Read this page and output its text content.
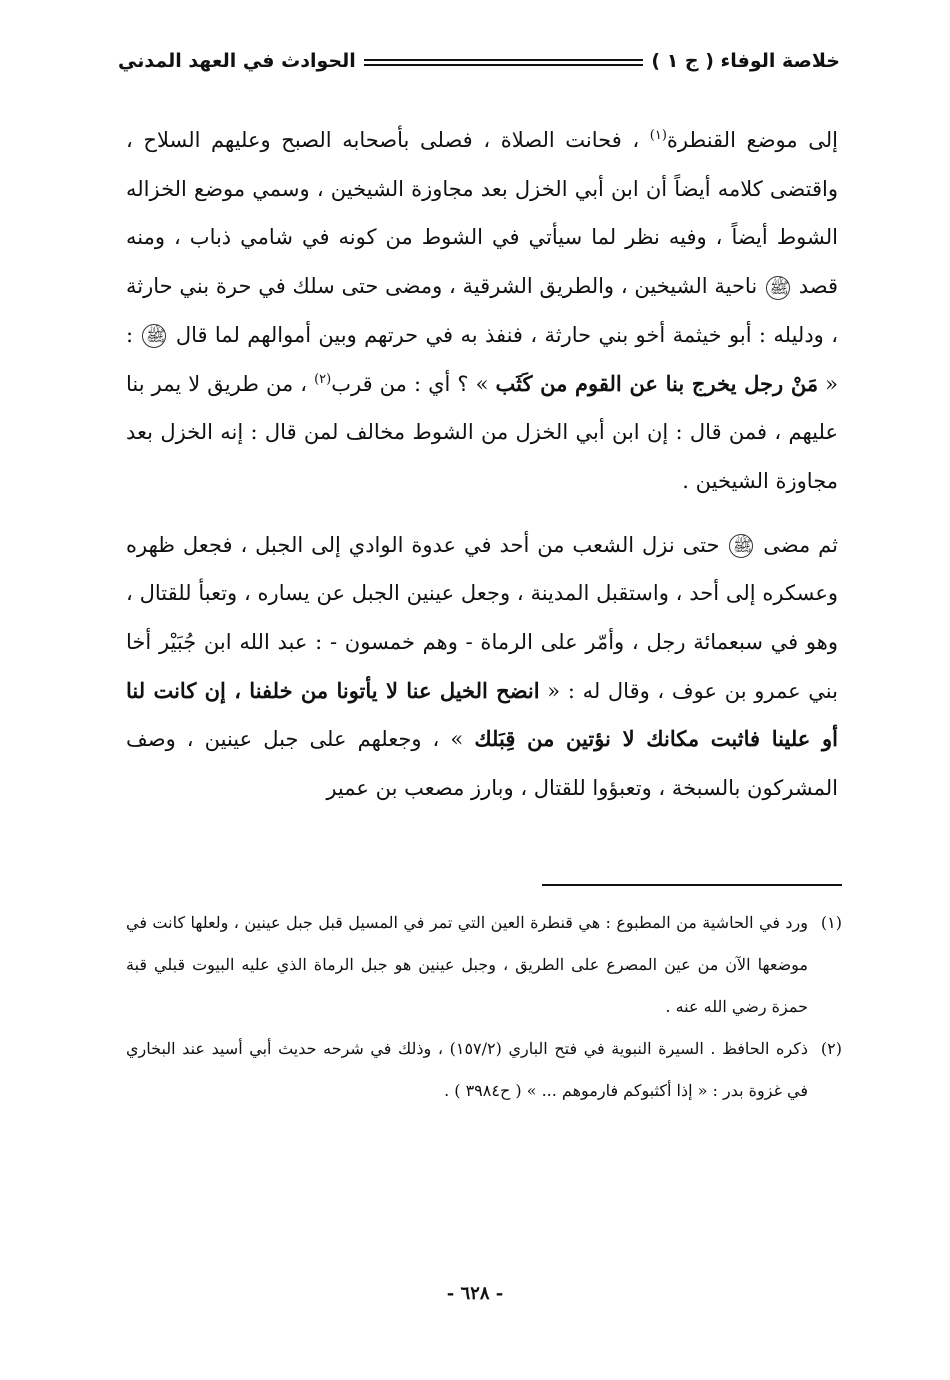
خلاصة الوفاء ( ج ١ )
الحوادث في العهد المدني

إلى موضع القنطرة$^{(١)}$ ، فحانت الصلاة ، فصلى بأصحابه الصبح وعليهم السلاح ، واقتضى كلامه أيضاً أن ابن أبي الخزل بعد مجاوزة الشيخين ، وسمي موضع الخزاله الشوط أيضاً ، وفيه نظر لما سيأتي في الشوط من كونه في شامي ذباب ، ومنه قصد ﷺ ناحية الشيخين ، والطريق الشرقية ، ومضى حتى سلك في حرة بني حارثة ، ودليله : أبو خيثمة أخو بني حارثة ، فنفذ به في حرتهم وبين أموالهم لما قال ﷺ : « مَنْ رجل يخرج بنا عن القوم من كَثَب » ؟ أي : من قرب$^{(٢)}$ ، من طريق لا يمر بنا عليهم ، فمن قال : إن ابن أبي الخزل من الشوط مخالف لمن قال : إنه الخزل بعد مجاوزة الشيخين .

ثم مضى ﷺ حتى نزل الشعب من أحد في عدوة الوادي إلى الجبل ، فجعل ظهره وعسكره إلى أحد ، واستقبل المدينة ، وجعل عينين الجبل عن يساره ، وتعبأ للقتال ، وهو في سبعمائة رجل ، وأمّر على الرماة - وهم خمسون - : عبد الله ابن جُبَيْر أخا بني عمرو بن عوف ، وقال له : « انضح الخيل عنا لا يأتونا من خلفنا ، إن كانت لنا أو علينا فاثبت مكانك لا نؤتين من قِبَلك » ، وجعلهم على جبل عينين ، وصف المشركون بالسبخة ، وتعبؤوا للقتال ، وبارز مصعب بن عمير

(١)
ورد في الحاشية من المطبوع : هي قنطرة العين التي تمر في المسيل قبل جبل عينين ، ولعلها كانت في موضعها الآن من عين المصرع على الطريق ، وجبل عينين هو جبل الرماة الذي عليه البيوت قبلي قبة حمزة رضي الله عنه .
(٢)
ذكره الحافظ . السيرة النبوية في فتح الباري (١٥٧/٢) ، وذلك في شرحه حديث أبي أسيد عند البخاري في غزوة بدر : « إذا أكثبوكم فارموهم ... » ( ح٣٩٨٤ ) .
- ٦٢٨ -
